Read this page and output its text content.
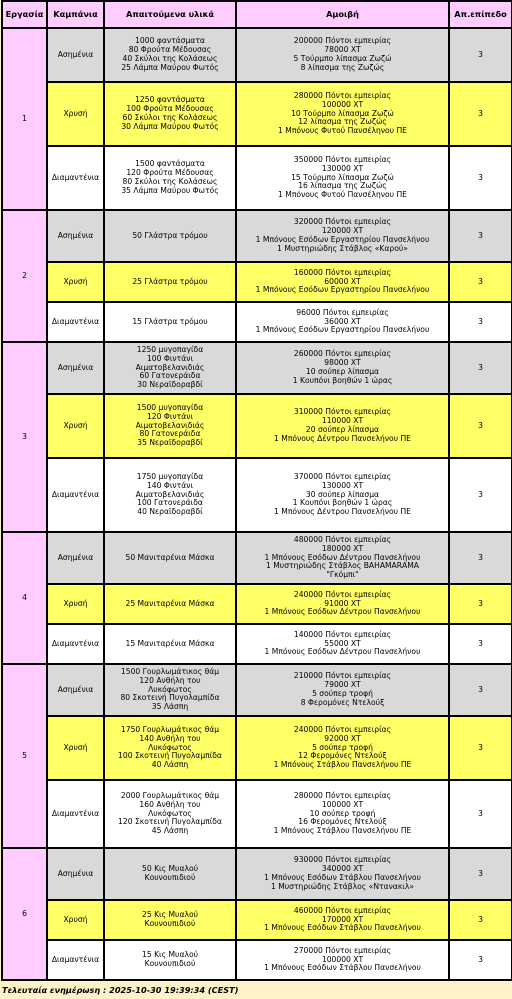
Εργασία	Καμπάνια	Απαιτούμενα υλικά	Αμοιβή	Απ.επίπεδο
1	Ασημένια	1000 φαντάσματα
80 Φρούτα Μέδουσας
40 Σκύλοι της Κολάσεως
25 Λάμπα Μαύρου Φωτός	200000 Πόντοι εμπειρίας
78000 ΧΤ
5 Τούρμπο λίπασμα Ζωζώ
8 λίπασμα της Ζωζώς	3
	Χρυσή	1250 φαντάσματα
100 Φρούτα Μέδουσας
60 Σκύλοι της Κολάσεως
30 Λάμπα Μαύρου Φωτός	280000 Πόντοι εμπειρίας
100000 ΧΤ
10 Τούρμπο λίπασμα Ζωζώ
12 λίπασμα της Ζωζώς
1 Μπόνους Φυτού Πανσέληνου ΠΕ	3
	Διαμαντένια	1500 φαντάσματα
120 Φρούτα Μέδουσας
80 Σκύλοι της Κολάσεως
35 Λάμπα Μαύρου Φωτός	350000 Πόντοι εμπειρίας
130000 ΧΤ
15 Τούρμπο λίπασμα Ζωζώ
16 λίπασμα της Ζωζώς
1 Μπόνους Φυτού Πανσέληνου ΠΕ	3
2	Ασημένια	50 Γλάστρα τρόμου	320000 Πόντοι εμπειρίας
120000 ΧΤ
1 Μπόνους Εσόδων Εργαστηρίου Πανσελήνου
1 Μυστηριώδης Στάβλος «Καρού»	3
	Χρυσή	25 Γλάστρα τρόμου	160000 Πόντοι εμπειρίας
60000 ΧΤ
1 Μπόνους Εσόδων Εργαστηρίου Πανσελήνου	3
	Διαμαντένια	15 Γλάστρα τρόμου	96000 Πόντοι εμπειρίας
36000 ΧΤ
1 Μπόνους Εσόδων Εργαστηρίου Πανσελήνου	3
3	Ασημένια	1250 μυγοπαγίδα
100 Φιντάνι
Αιματοβελανιδιάς
60 Γατονεράιδα
30 Νεραϊδοραβδί	260000 Πόντοι εμπειρίας
98000 ΧΤ
10 σούπερ λίπασμα
1 Κουπόνι βοηθών 1 ώρας	3
	Χρυσή	1500 μυγοπαγίδα
120 Φιντάνι
Αιματοβελανιδιάς
80 Γατονεράιδα
35 Νεραϊδοραβδί	310000 Πόντοι εμπειρίας
110000 ΧΤ
20 σούπερ λίπασμα
1 Μπόνους Δέντρου Πανσελήνου ΠΕ	3
	Διαμαντένια	1750 μυγοπαγίδα
140 Φιντάνι
Αιματοβελανιδιάς
100 Γατονεράιδα
40 Νεραϊδοραβδί	370000 Πόντοι εμπειρίας
130000 ΧΤ
30 σούπερ λίπασμα
1 Κουπόνι βοηθών 1 ώρας
1 Μπόνους Δέντρου Πανσελήνου ΠΕ	3
4	Ασημένια	50 Μανιταρένια Μάσκα	480000 Πόντοι εμπειρίας
180000 ΧΤ
1 Μπόνους Εσόδων Δέντρου Πανσελήνου
1 Μυστηριώδης Στάβλος ΒΑΗΑΜΑRΑΜΑ
"Γκόμπι"	3
	Χρυσή	25 Μανιταρένια Μάσκα	240000 Πόντοι εμπειρίας
91000 ΧΤ
1 Μπόνους Εσόδων Δέντρου Πανσελήνου	3
	Διαμαντένια	15 Μανιταρένια Μάσκα	140000 Πόντοι εμπειρίας
55000 ΧΤ
1 Μπόνους Εσόδων Δέντρου Πανσελήνου	3
5	Ασημένια	1500 Γουρλωμάτικος θάμ
120 Ανθήλη του
Λυκόφωτος
80 Σκοτεινή Πυγολαμπίδα
35 Λάσπη	210000 Πόντοι εμπειρίας
79000 ΧΤ
5 σούπερ τροφή
8 Φερομόνες Ντελούξ	3
	Χρυσή	1750 Γουρλωμάτικος θάμ
140 Ανθήλη του
Λυκόφωτος
100 Σκοτεινή Πυγολαμπίδα
40 Λάσπη	240000 Πόντοι εμπειρίας
92000 ΧΤ
5 σούπερ τροφή
12 Φερομόνες Ντελούξ
1 Μπόνους Στάβλου Πανσελήνου ΠΕ	3
	Διαμαντένια	2000 Γουρλωμάτικος θάμ
160 Ανθήλη του
Λυκόφωτος
120 Σκοτεινή Πυγολαμπίδα
45 Λάσπη	280000 Πόντοι εμπειρίας
100000 ΧΤ
10 σούπερ τροφή
16 Φερομόνες Ντελούξ
1 Μπόνους Στάβλου Πανσελήνου ΠΕ	3
6	Ασημένια	50 Κις Μυαλού
Κουνουπιδιού	930000 Πόντοι εμπειρίας
340000 ΧΤ
1 Μπόνους Εσόδων Στάβλου Πανσελήνου
1 Μυστηριώδης Στάβλος «Ντανακιλ»	3
	Χρυσή	25 Κις Μυαλού
Κουνουπιδιού	460000 Πόντοι εμπειρίας
170000 ΧΤ
1 Μπόνους Εσόδων Στάβλου Πανσελήνου	3
	Διαμαντένια	15 Κις Μυαλού
Κουνουπιδιού	270000 Πόντοι εμπειρίας
100000 ΧΤ
1 Μπόνους Εσόδων Στάβλου Πανσελήνου	3
Τελευταία ενημέρωsη : 2025-10-30 19:39:34 (CEST)
